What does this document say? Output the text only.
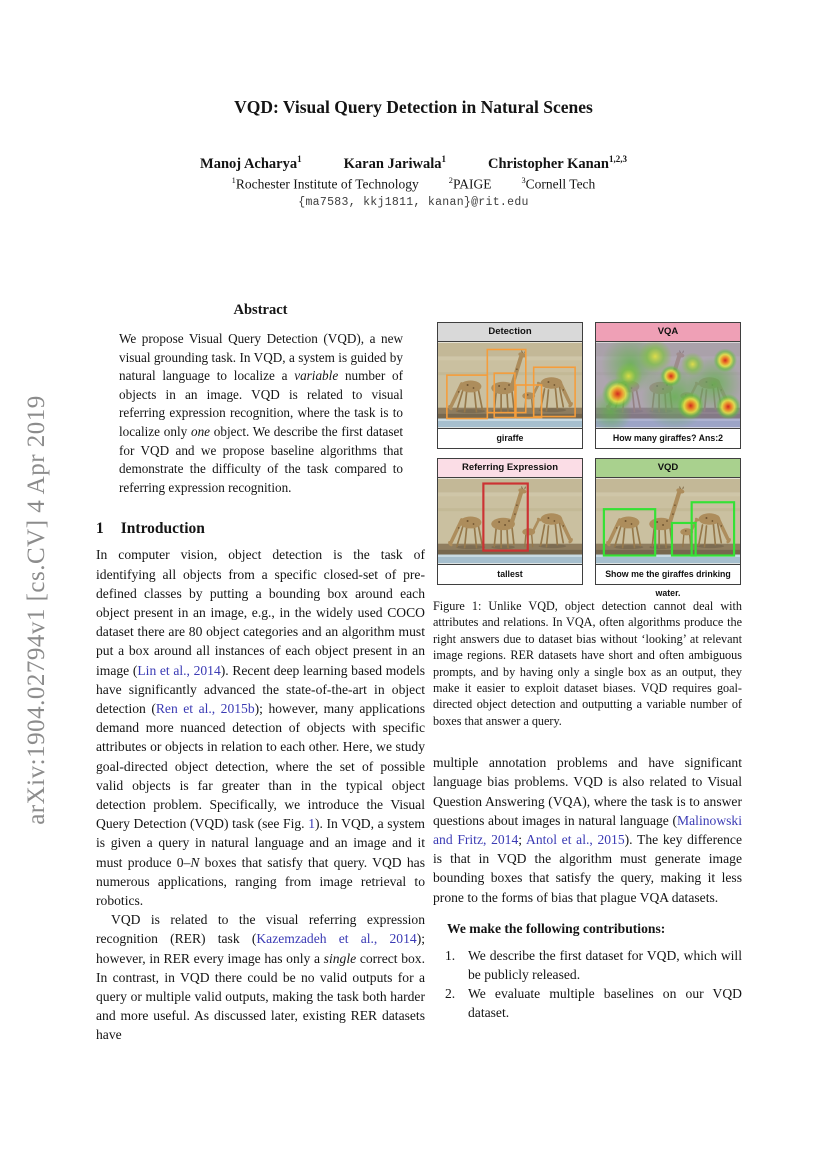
arXiv:1904.02794v1 [cs.CV] 4 Apr 2019
VQD: Visual Query Detection in Natural Scenes
Manoj Acharya$^1$	Karan Jariwala$^1$	Christopher Kanan$^{1,2,3}$
$^1$Rochester Institute of Technology	$^2$PAIGE	$^3$Cornell Tech
{ma7583, kkj1811, kanan}@rit.edu
Abstract

We propose Visual Query Detection (VQD), a new visual grounding task. In VQD, a system is guided by natural language to localize a variable number of objects in an image. VQD is related to visual referring expression recognition, where the task is to localize only one object. We describe the first dataset for VQD and we propose baseline algorithms that demonstrate the difficulty of the task compared to referring expression recognition.

1 Introduction

In computer vision, object detection is the task of identifying all objects from a specific closed-set of pre-defined classes by putting a bounding box around each object present in an image, e.g., in the widely used COCO dataset there are 80 object categories and an algorithm must put a box around all instances of each object present in an image (Lin et al., 2014). Recent deep learning based models have significantly advanced the state-of-the-art in object detection (Ren et al., 2015b); however, many applications demand more nuanced detection of objects with specific attributes or objects in relation to each other. Here, we study goal-directed object detection, where the set of possible valid objects is far greater than in the typical object detection problem. Specifically, we introduce the Visual Query Detection (VQD) task (see Fig. 1). In VQD, a system is given a query in natural language and an image and it must produce 0–N boxes that satisfy that query. VQD has numerous applications, ranging from image retrieval to robotics.

VQD is related to the visual referring expression recognition (RER) task (Kazemzadeh et al., 2014); however, in RER every image has only a single correct box. In contrast, in VQD there could be no valid outputs for a query or multiple valid outputs, making the task both harder and more useful. As discussed later, existing RER datasets have

Detection
giraffe
VQA
How many giraffes? Ans:2
Referring Expression
tallest
VQD
Show me the giraffes drinking water.
Figure 1: Unlike VQD, object detection cannot deal with attributes and relations. In VQA, often algorithms produce the right answers due to dataset bias without ‘looking’ at relevant image regions. RER datasets have short and often ambiguous prompts, and by having only a single box as an output, they make it easier to exploit dataset biases. VQD requires goal-directed object detection and outputting a variable number of boxes that answer a query.

multiple annotation problems and have significant language bias problems. VQD is also related to Visual Question Answering (VQA), where the task is to answer questions about images in natural language (Malinowski and Fritz, 2014; Antol et al., 2015). The key difference is that in VQD the algorithm must generate image bounding boxes that satisfy the query, making it less prone to the forms of bias that plague VQA datasets.

We make the following contributions:

1. We describe the first dataset for VQD, which will be publicly released.
2. We evaluate multiple baselines on our VQD dataset.
